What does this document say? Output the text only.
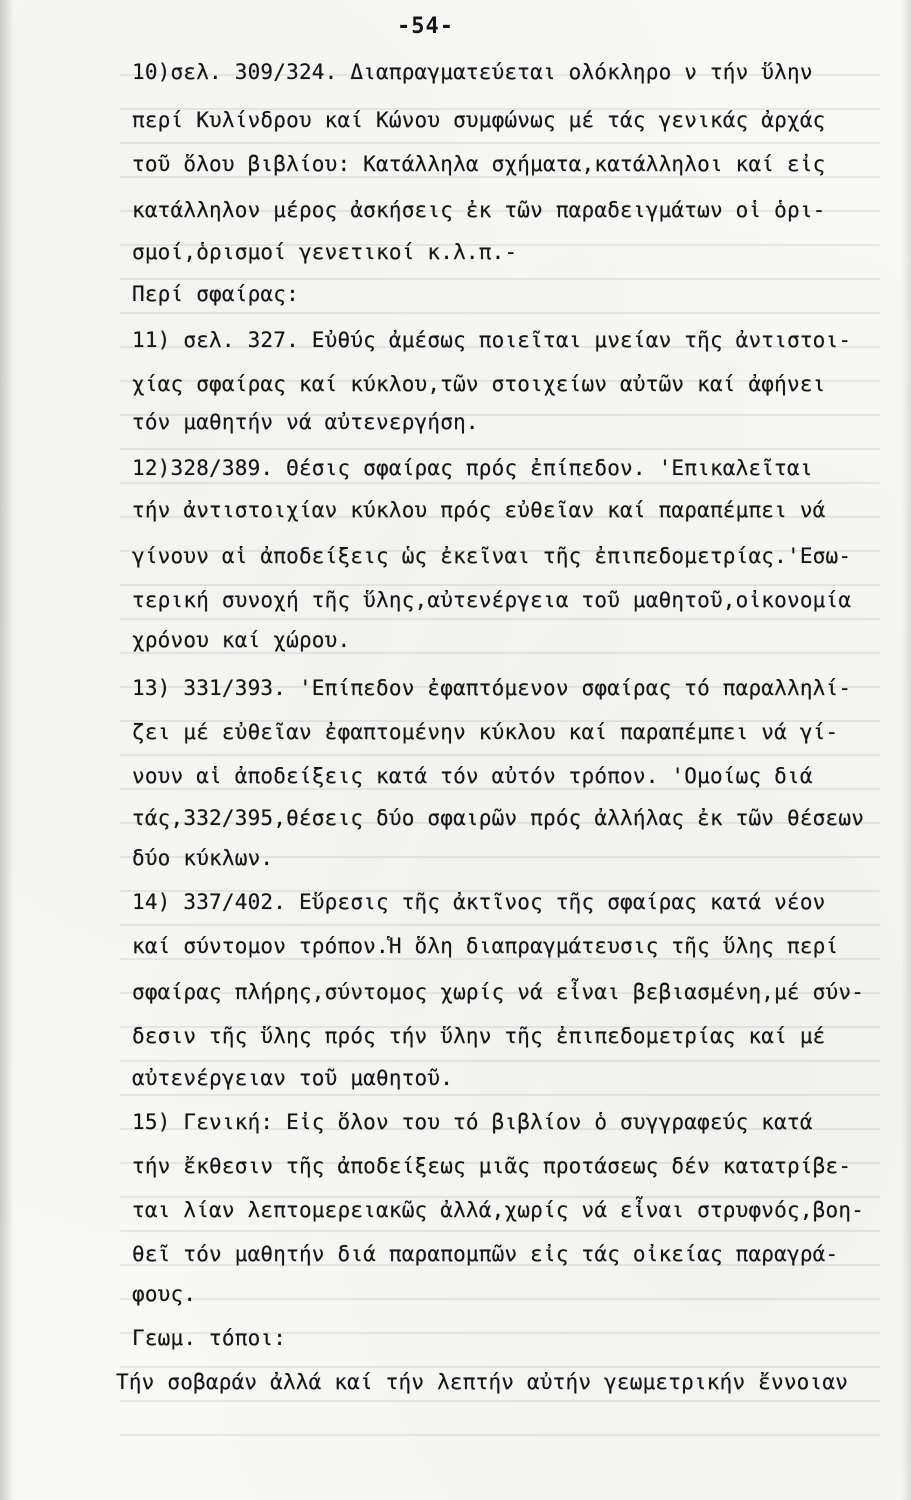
-54-
10)σελ. 309/324. Διαπραγματεύεται ολόκληρο ν τήν ὕλην
περί Κυλίνδρου καί Κώνου συμφώνως μέ τάς γενικάς ἀρχάς
τοῦ ὅλου βιβλίου: Κατάλληλα σχήματα,κατάλληλοι καί εἰς
κατάλληλον μέρος ἀσκήσεις ἐκ τῶν παραδειγμάτων οἱ ὁρι-
σμοί,ὁρισμοί γενετικοί κ.λ.π.-
Περί σφαίρας:
11) σελ. 327. Εὐθύς ἀμέσως ποιεῖται μνείαν τῆς ἀντιστοι-
χίας σφαίρας καί κύκλου,τῶν στοιχείων αὐτῶν καί ἀφήνει
τόν μαθητήν νά αὐτενεργήση.
12)328/389. Θέσις σφαίρας πρός ἐπίπεδον. 'Επικαλεῖται
τήν ἀντιστοιχίαν κύκλου πρός εὐθεῖαν καί παραπέμπει νά
γίνουν αἱ ἀποδείξεις ὡς ἐκεῖναι τῆς ἐπιπεδομετρίας.'Εσω-
τερική συνοχή τῆς ὕλης,αὐτενέργεια τοῦ μαθητοῦ,οἰκονομία
χρόνου καί χώρου.
13) 331/393. 'Επίπεδον ἐφαπτόμενον σφαίρας τό παραλληλί-
ζει μέ εὐθεῖαν ἐφαπτομένην κύκλου καί παραπέμπει νά γί-
νουν αἱ ἀποδείξεις κατά τόν αὐτόν τρόπον. 'Ομοίως διά
τάς,332/395,θέσεις δύο σφαιρῶν πρός ἀλλήλας ἐκ τῶν θέσεων
δύο κύκλων.
14) 337/402. Εὕρεσις τῆς ἀκτῖνος τῆς σφαίρας κατά νέον
καί σύντομον τρόπον.Ἡ ὅλη διαπραγμάτευσις τῆς ὕλης περί
σφαίρας πλήρης,σύντομος χωρίς νά εἶναι βεβιασμένη,μέ σύν-
δεσιν τῆς ὕλης πρός τήν ὕλην τῆς ἐπιπεδομετρίας καί μέ
αὐτενέργειαν τοῦ μαθητοῦ.
15) Γενική: Εἰς ὅλον του τό βιβλίον ὁ συγγραφεύς κατά
τήν ἔκθεσιν τῆς ἀποδείξεως μιᾶς προτάσεως δέν κατατρίβε-
ται λίαν λεπτομερειακῶς ἀλλά,χωρίς νά εἶναι στρυφνός,βοη-
θεῖ τόν μαθητήν διά παραπομπῶν εἰς τάς οἰκείας παραγρά-
φους.
Γεωμ. τόποι:
Τήν σοβαράν ἀλλά καί τήν λεπτήν αὐτήν γεωμετρικήν ἔννοιαν
